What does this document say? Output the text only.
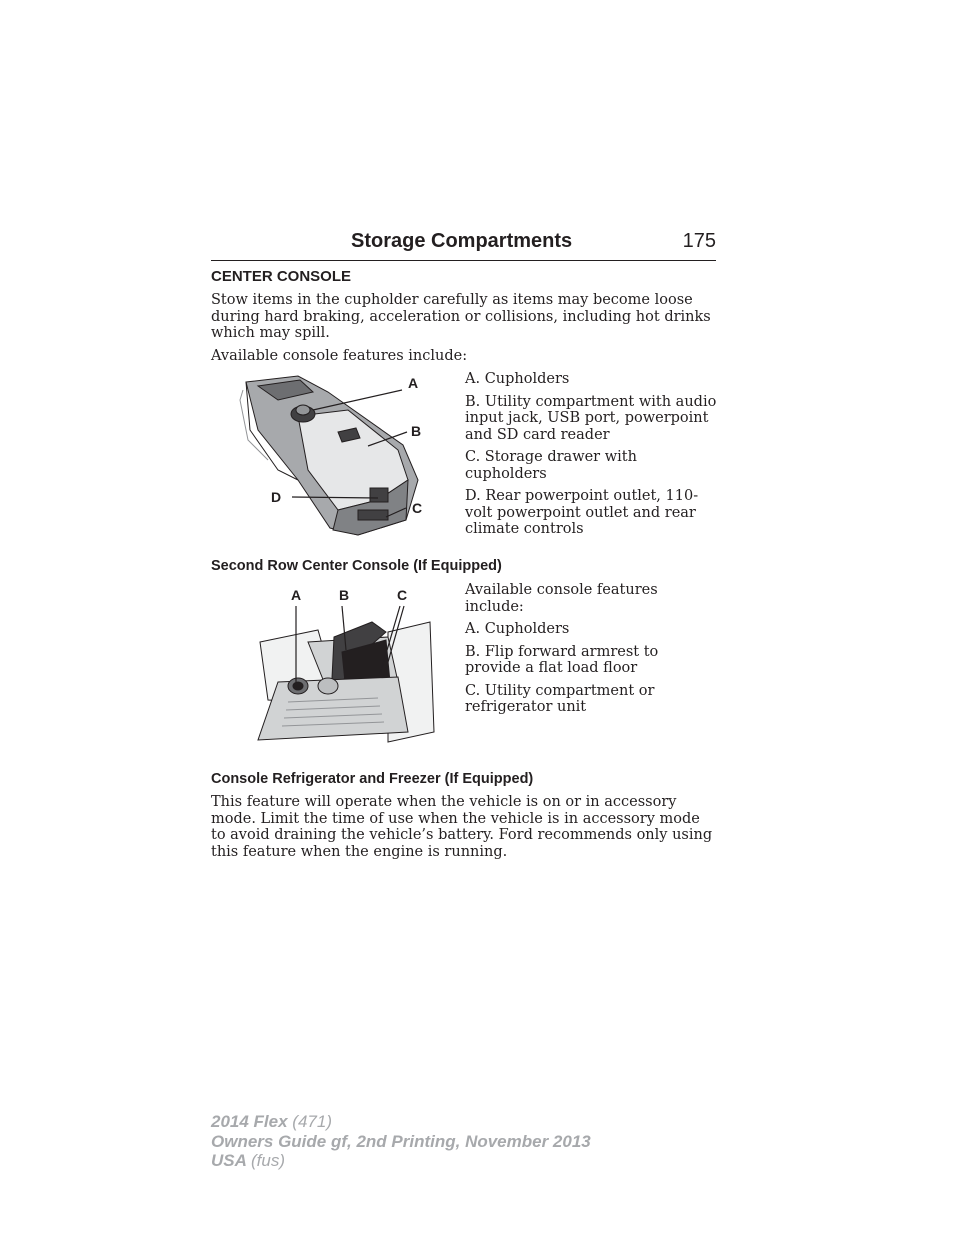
Storage Compartments	175
CENTER CONSOLE
Stow items in the cupholder carefully as items may become loose during hard braking, acceleration or collisions, including hot drinks which may spill.
Available console features include:
A
B
C
D
A. Cupholders
B. Utility compartment with audio input jack, USB port, powerpoint and SD card reader
C. Storage drawer with cupholders
D. Rear powerpoint outlet, 110-volt powerpoint outlet and rear climate controls
Second Row Center Console (If Equipped)
A	B	C	Available console features include:
A. Cupholders
B. Flip forward armrest to provide a flat load floor
C. Utility compartment or refrigerator unit
Console Refrigerator and Freezer (If Equipped)
This feature will operate when the vehicle is on or in accessory mode. Limit the time of use when the vehicle is in accessory mode to avoid draining the vehicle’s battery. Ford recommends only using this feature when the engine is running.
2014 Flex (471)
Owners Guide gf, 2nd Printing, November 2013
USA (fus)
